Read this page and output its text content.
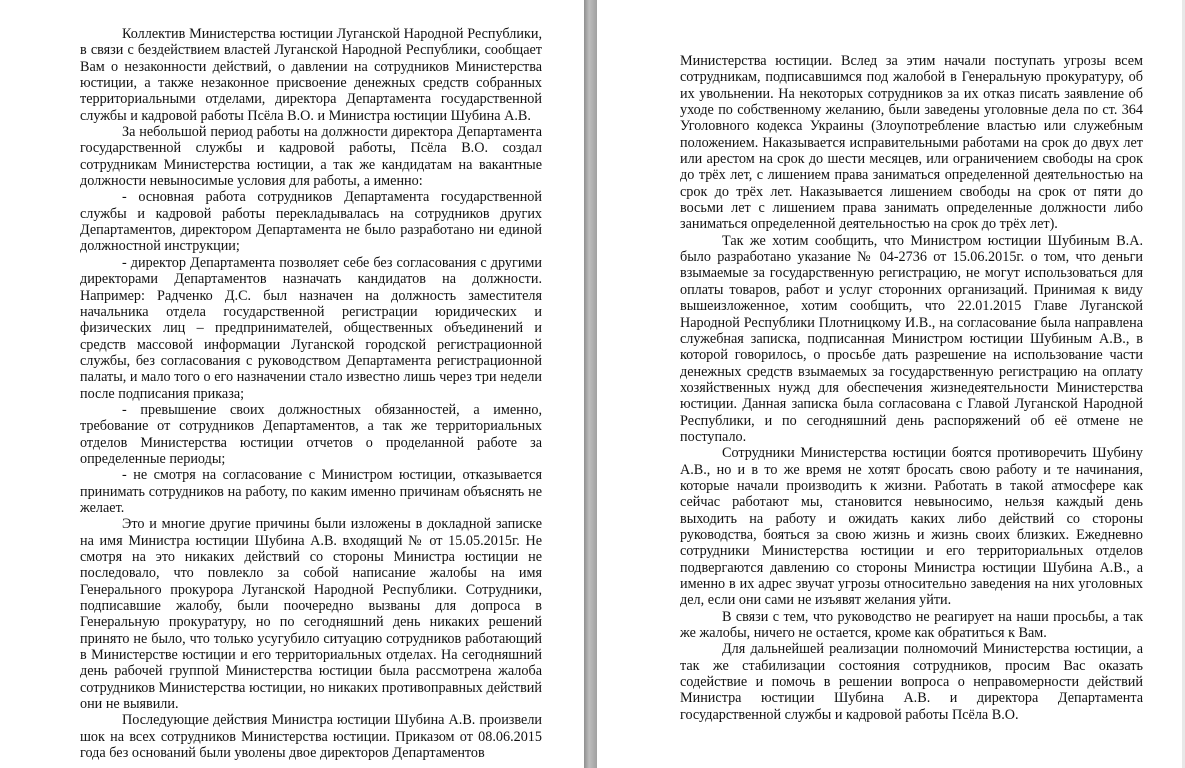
Коллектив Министерства юстиции Луганской Народной Республики, в связи с бездействием властей Луганской Народной Республики, сообщает Вам о незаконности действий, о давлении на сотрудников Министерства юстиции, а также незаконное присвоение денежных средств собранных территориальными отделами, директора Департамента государственной службы и кадровой работы Псёла В.О. и Министра юстиции Шубина А.В.

За небольшой период работы на должности директора Департамента государственной службы и кадровой работы, Псёла В.О. создал сотрудникам Министерства юстиции, а так же кандидатам на вакантные должности невыносимые условия для работы, а именно:

- основная работа сотрудников Департамента государственной службы и кадровой работы перекладывалась на сотрудников других Департаментов, директором Департамента не было разработано ни единой должностной инструкции;

- директор Департамента позволяет себе без согласования с другими директорами Департаментов назначать кандидатов на должности. Например: Радченко Д.С. был назначен на должность заместителя начальника отдела государственной регистрации юридических и физических лиц – предпринимателей, общественных объединений и средств массовой информации Луганской городской регистрационной службы, без согласования с руководством Департамента регистрационной палаты, и мало того о его назначении стало известно лишь через три недели после подписания приказа;

- превышение своих должностных обязанностей, а именно, требование от сотрудников Департаментов, а так же территориальных отделов Министерства юстиции отчетов о проделанной работе за определенные периоды;

- не смотря на согласование с Министром юстиции, отказывается принимать сотрудников на работу, по каким именно причинам объяснять не желает.

Это и многие другие причины были изложены в докладной записке на имя Министра юстиции Шубина А.В. входящий № от 15.05.2015г. Не смотря на это никаких действий со стороны Министра юстиции не последовало, что повлекло за собой написание жалобы на имя Генерального прокурора Луганской Народной Республики. Сотрудники, подписавшие жалобу, были поочередно вызваны для допроса в Генеральную прокуратуру, но по сегодняшний день никаких решений принято не было, что только усугубило ситуацию сотрудников работающий в Министерстве юстиции и его территориальных отделах. На сегодняшний день рабочей группой Министерства юстиции была рассмотрена жалоба сотрудников Министерства юстиции, но никаких противоправных действий они не выявили.

Последующие действия Министра юстиции Шубина А.В. произвели шок на всех сотрудников Министерства юстиции. Приказом от 08.06.2015 года без оснований были уволены двое директоров Департаментов

Министерства юстиции. Вслед за этим начали поступать угрозы всем сотрудникам, подписавшимся под жалобой в Генеральную прокуратуру, об их увольнении. На некоторых сотрудников за их отказ писать заявление об уходе по собственному желанию, были заведены уголовные дела по ст. 364 Уголовного кодекса Украины (Злоупотребление властью или служебным положением. Наказывается исправительными работами на срок до двух лет или арестом на срок до шести месяцев, или ограничением свободы на срок до трёх лет, с лишением права заниматься определенной деятельностью на срок до трёх лет. Наказывается лишением свободы на срок от пяти до восьми лет с лишением права занимать определенные должности либо заниматься определенной деятельностью на срок до трёх лет).

Так же хотим сообщить, что Министром юстиции Шубиным В.А. было разработано указание № 04-2736 от 15.06.2015г. о том, что деньги взымаемые за государственную регистрацию, не могут использоваться для оплаты товаров, работ и услуг сторонних организаций. Принимая к виду вышеизложенное, хотим сообщить, что 22.01.2015 Главе Луганской Народной Республики Плотницкому И.В., на согласование была направлена служебная записка, подписанная Министром юстиции Шубиным А.В., в которой говорилось, о просьбе дать разрешение на использование части денежных средств взымаемых за государственную регистрацию на оплату хозяйственных нужд для обеспечения жизнедеятельности Министерства юстиции. Данная записка была согласована с Главой Луганской Народной Республики, и по сегодняшний день распоряжений об её отмене не поступало.

Сотрудники Министерства юстиции боятся противоречить Шубину А.В., но и в то же время не хотят бросать свою работу и те начинания, которые начали производить к жизни. Работать в такой атмосфере как сейчас работают мы, становится невыносимо, нельзя каждый день выходить на работу и ожидать каких либо действий со стороны руководства, бояться за свою жизнь и жизнь своих близких. Ежедневно сотрудники Министерства юстиции и его территориальных отделов подвергаются давлению со стороны Министра юстиции Шубина А.В., а именно в их адрес звучат угрозы относительно заведения на них уголовных дел, если они сами не изъявят желания уйти.

В связи с тем, что руководство не реагирует на наши просьбы, а так же жалобы, ничего не остается, кроме как обратиться к Вам.

Для дальнейшей реализации полномочий Министерства юстиции, а так же стабилизации состояния сотрудников, просим Вас оказать содействие и помочь в решении вопроса о неправомерности действий Министра юстиции Шубина А.В. и директора Департамента государственной службы и кадровой работы Псёла В.О.
